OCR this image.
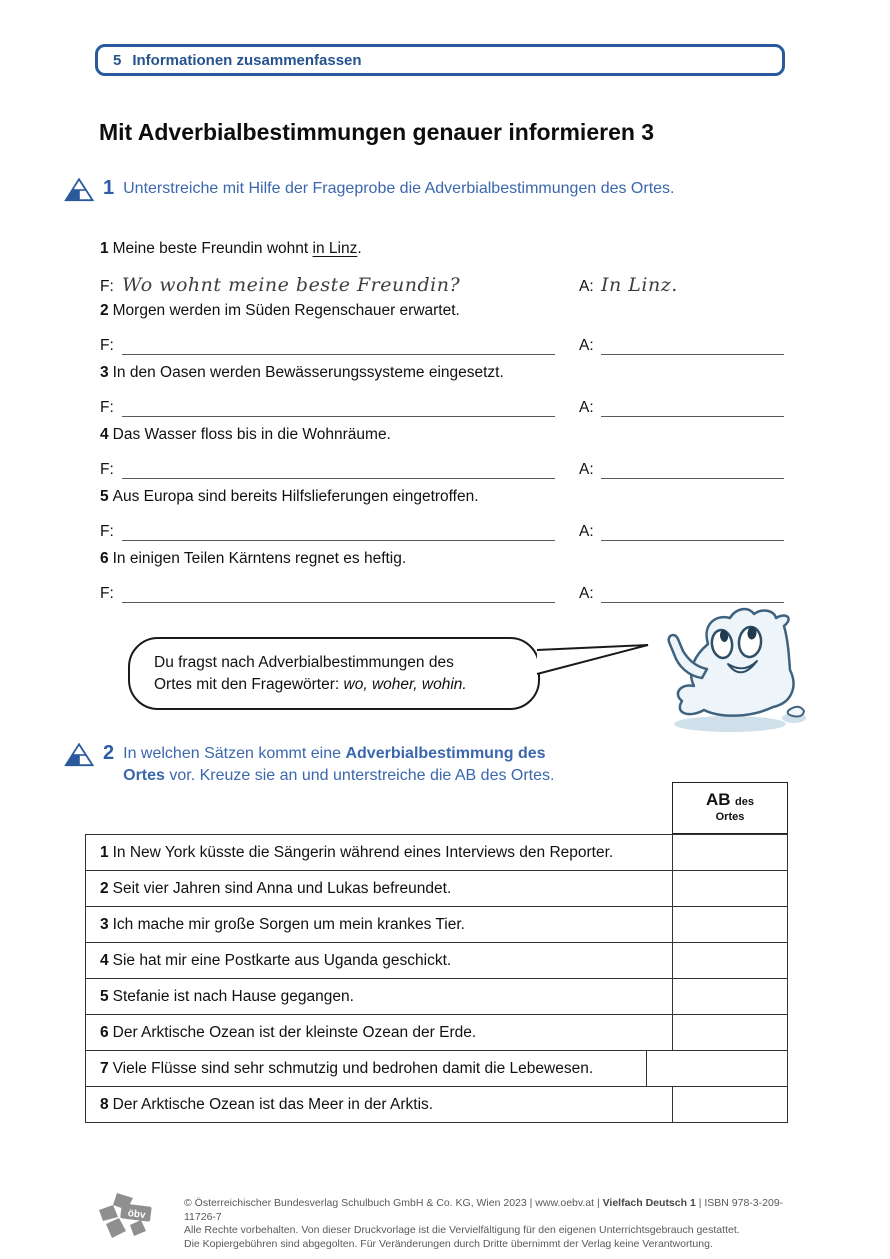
5 Informationen zusammenfassen
Mit Adverbialbestimmungen genauer informieren 3
1 Unterstreiche mit Hilfe der Frageprobe die Adverbialbestimmungen des Ortes.
1 Meine beste Freundin wohnt in Linz.
F: Wo wohnt meine beste Freundin?	A: In Linz.
2 Morgen werden im Süden Regenschauer erwartet.
F:	A:
3 In den Oasen werden Bewässerungssysteme eingesetzt.
F:	A:
4 Das Wasser floss bis in die Wohnräume.
F:	A:
5 Aus Europa sind bereits Hilfslieferungen eingetroffen.
F:	A:
6 In einigen Teilen Kärntens regnet es heftig.
F:	A:
Du fragst nach Adverbialbestimmungen des
Ortes mit den Fragewörter: wo, woher, wohin.
2 In welchen Sätzen kommt eine Adverbialbestimmung des
Ortes vor. Kreuze sie an und unterstreiche die AB des Ortes.
AB des
Ortes
1 In New York küsste die Sängerin während eines Interviews den Reporter.
2 Seit vier Jahren sind Anna und Lukas befreundet.
3 Ich mache mir große Sorgen um mein krankes Tier.
4 Sie hat mir eine Postkarte aus Uganda geschickt.
5 Stefanie ist nach Hause gegangen.
6 Der Arktische Ozean ist der kleinste Ozean der Erde.
7 Viele Flüsse sind sehr schmutzig und bedrohen damit die Lebewesen.
8 Der Arktische Ozean ist das Meer in der Arktis.
öbv
© Österreichischer Bundesverlag Schulbuch GmbH & Co. KG, Wien 2023 | www.oebv.at | Vielfach Deutsch 1 | ISBN 978-3-209-11726-7
Alle Rechte vorbehalten. Von dieser Druckvorlage ist die Vervielfältigung für den eigenen Unterrichtsgebrauch gestattet.
Die Kopiergebühren sind abgegolten. Für Veränderungen durch Dritte übernimmt der Verlag keine Verantwortung.
